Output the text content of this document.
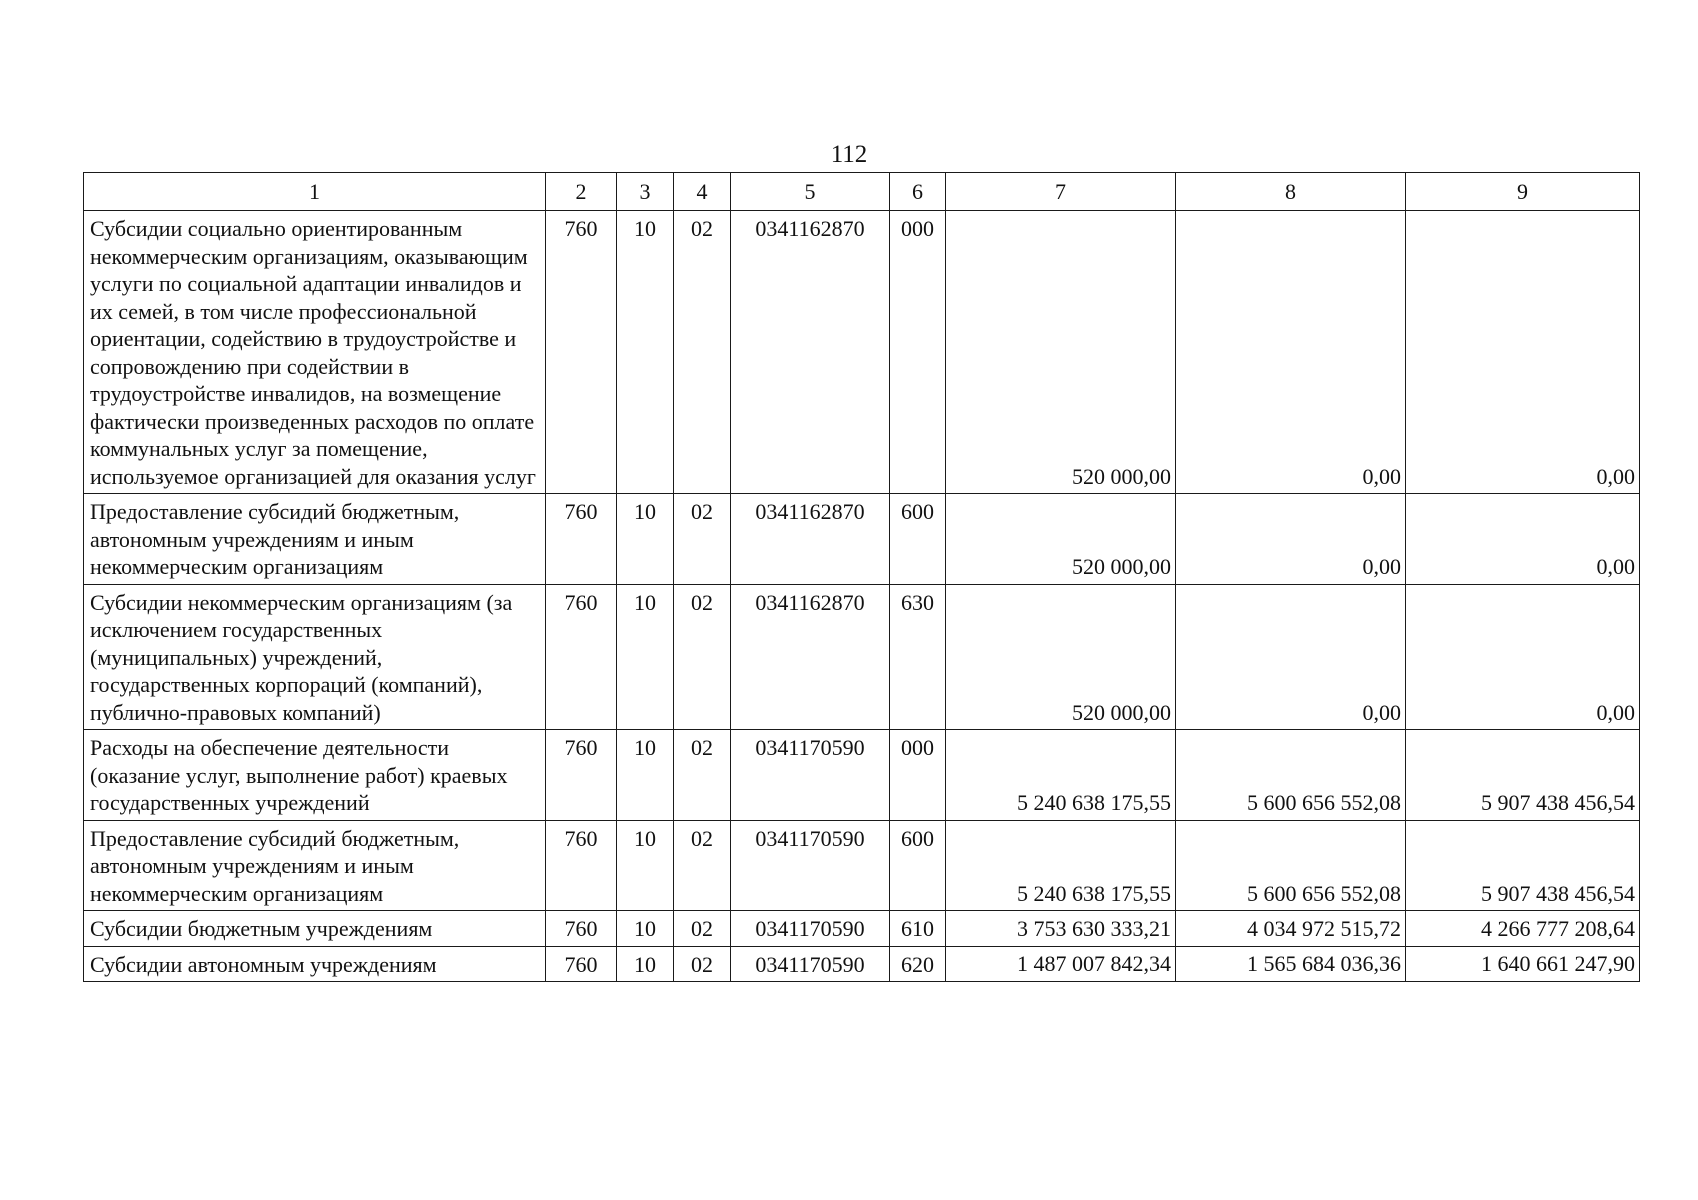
112
1	2	3	4	5	6	7	8	9
Субсидии социально ориентированным некоммерческим организациям, оказывающим услуги по социальной адаптации инвалидов и их семей, в том числе профессиональной ориентации, содействию в трудоустройстве и сопровождению при содействии в трудоустройстве инвалидов, на возмещение фактически произведенных расходов по оплате коммунальных услуг за помещение, используемое организацией для оказания услуг	760	10	02	0341162870	000	520 000,00	0,00	0,00
Предоставление субсидий бюджетным, автономным учреждениям и иным некоммерческим организациям	760	10	02	0341162870	600	520 000,00	0,00	0,00
Субсидии некоммерческим организациям (за исключением государственных (муниципальных) учреждений, государственных корпораций (компаний), публично-правовых компаний)	760	10	02	0341162870	630	520 000,00	0,00	0,00
Расходы на обеспечение деятельности (оказание услуг, выполнение работ) краевых государственных учреждений	760	10	02	0341170590	000	5 240 638 175,55	5 600 656 552,08	5 907 438 456,54
Предоставление субсидий бюджетным, автономным учреждениям и иным некоммерческим организациям	760	10	02	0341170590	600	5 240 638 175,55	5 600 656 552,08	5 907 438 456,54
Субсидии бюджетным учреждениям	760	10	02	0341170590	610	3 753 630 333,21	4 034 972 515,72	4 266 777 208,64
Субсидии автономным учреждениям	760	10	02	0341170590	620	1 487 007 842,34	1 565 684 036,36	1 640 661 247,90
